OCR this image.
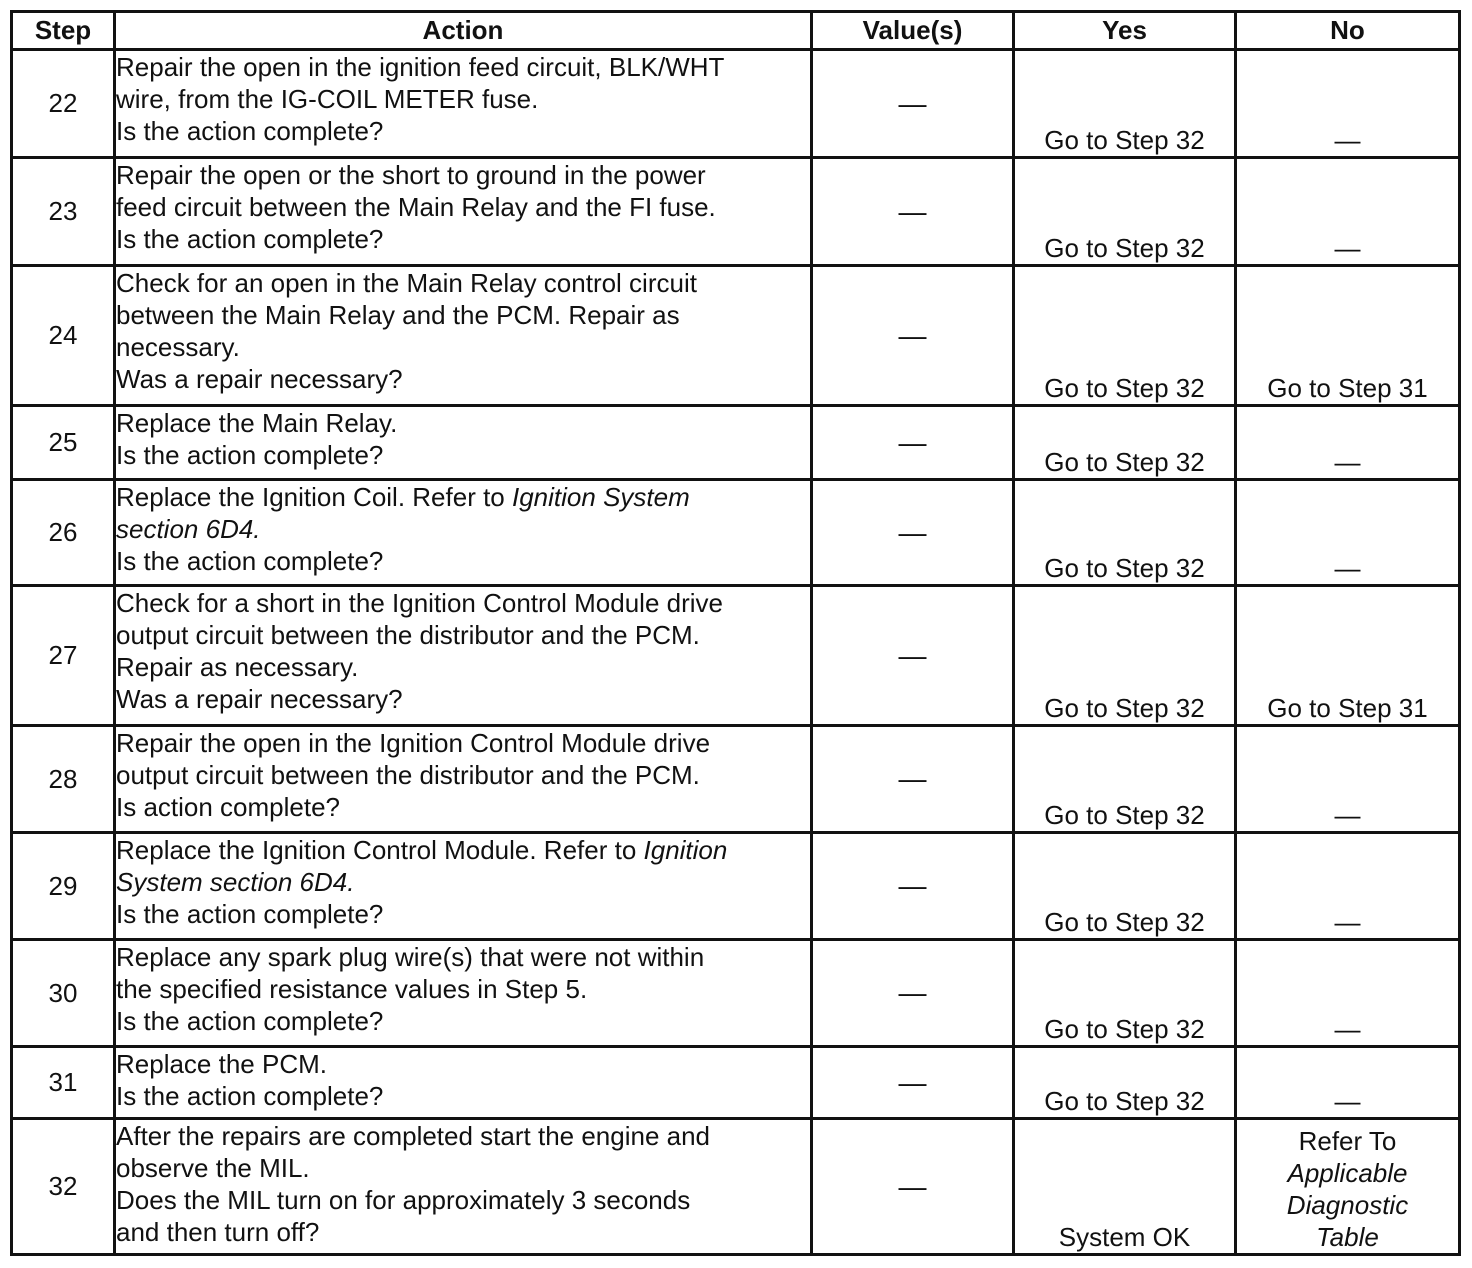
Step	Action	Value(s)	Yes	No
22	Repair the open in the ignition feed circuit, BLK/WHT
wire, from the IG-COIL METER fuse.
Is the action complete?	—	Go to Step 32	—
23	Repair the open or the short to ground in the power
feed circuit between the Main Relay and the FI fuse.
Is the action complete?	—	Go to Step 32	—
24	Check for an open in the Main Relay control circuit
between the Main Relay and the PCM. Repair as
necessary.
Was a repair necessary?	—	Go to Step 32	Go to Step 31
25	Replace the Main Relay.
Is the action complete?	—	Go to Step 32	—
26	Replace the Ignition Coil. Refer to Ignition System
section 6D4.
Is the action complete?	—	Go to Step 32	—
27	Check for a short in the Ignition Control Module drive
output circuit between the distributor and the PCM.
Repair as necessary.
Was a repair necessary?	—	Go to Step 32	Go to Step 31
28	Repair the open in the Ignition Control Module drive
output circuit between the distributor and the PCM.
Is action complete?	—	Go to Step 32	—
29	Replace the Ignition Control Module. Refer to Ignition
System section 6D4.
Is the action complete?	—	Go to Step 32	—
30	Replace any spark plug wire(s) that were not within
the specified resistance values in Step 5.
Is the action complete?	—	Go to Step 32	—
31	Replace the PCM.
Is the action complete?	—	Go to Step 32	—
32	After the repairs are completed start the engine and
observe the MIL.
Does the MIL turn on for approximately 3 seconds
and then turn off?	—	System OK	Refer To
Applicable
Diagnostic
Table
